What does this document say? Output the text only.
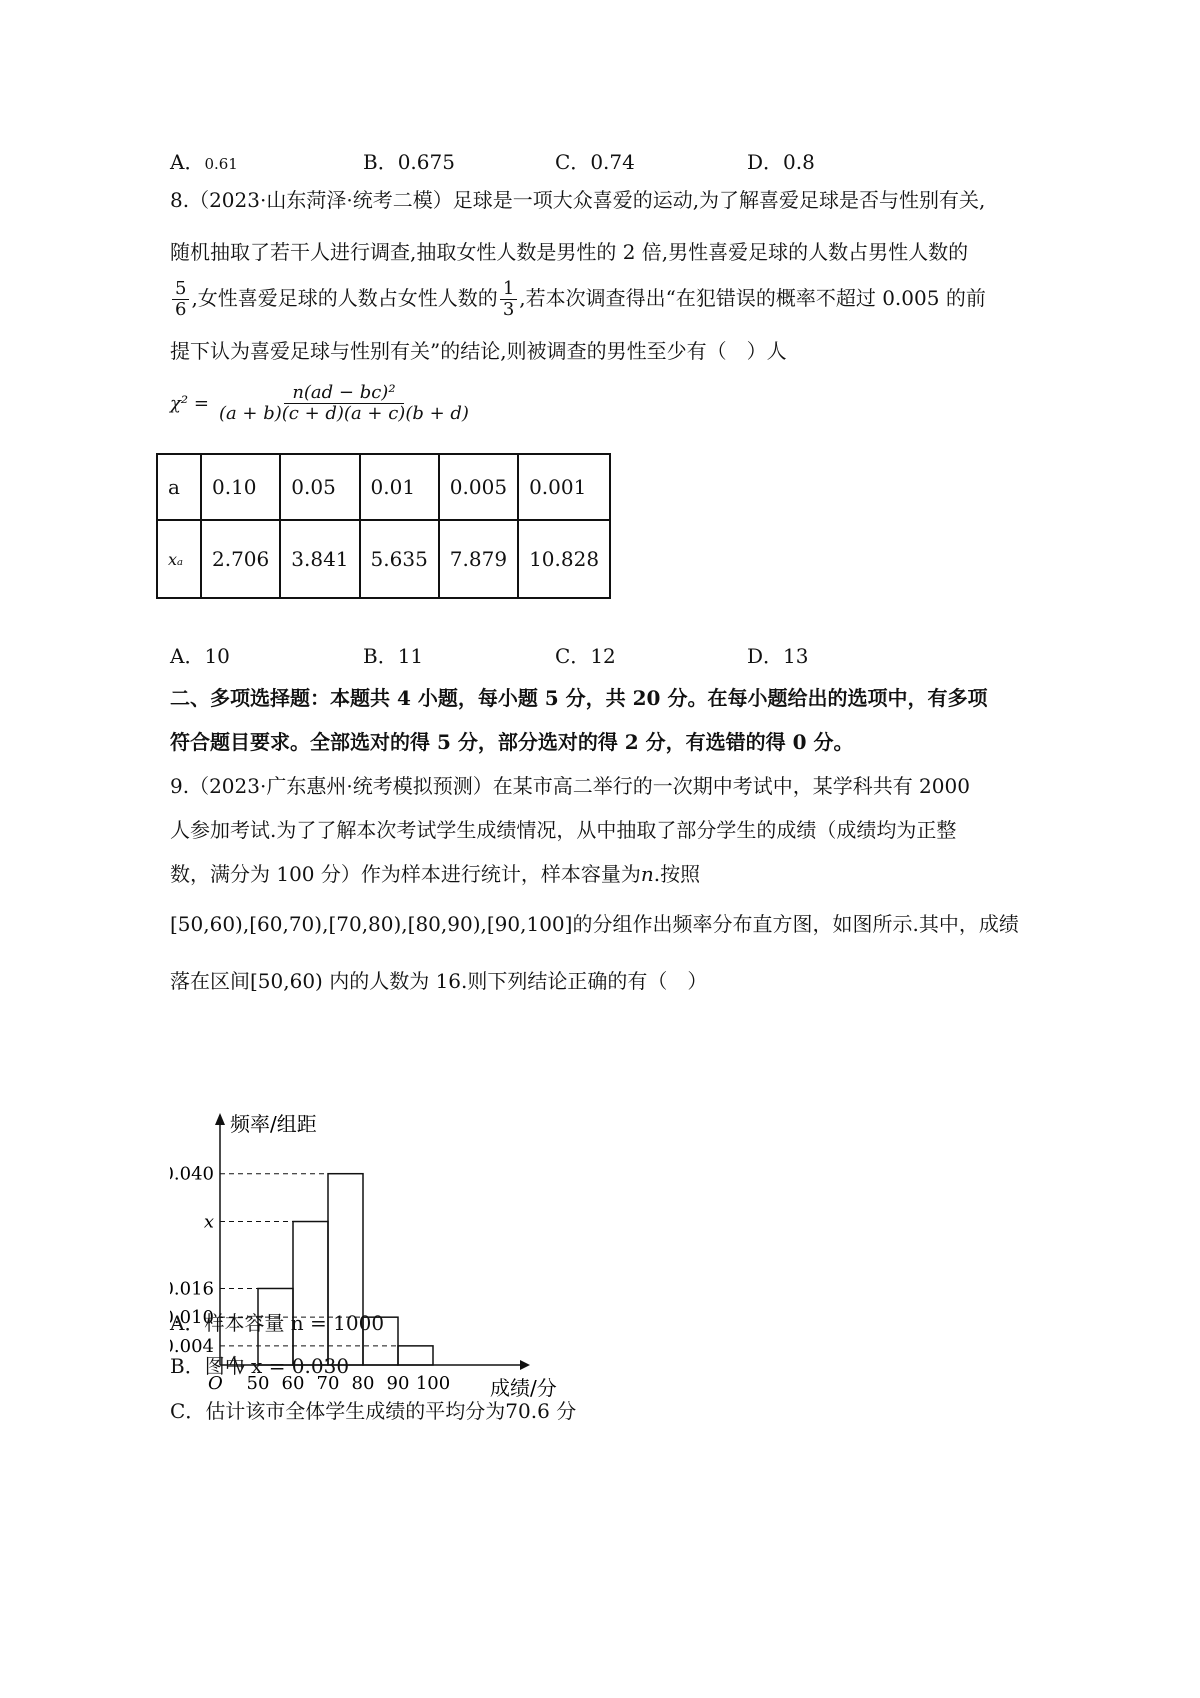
A．0.61	B．0.675	C．0.74	D．0.8
8.（2023·山东菏泽·统考二模）足球是一项大众喜爱的运动,为了解喜爱足球是否与性别有关,
随机抽取了若干人进行调查,抽取女性人数是男性的 2 倍,男性喜爱足球的人数占男性人数的
$\frac{5}{6}$ ,女性喜爱足球的人数占女性人数的 $\frac{1}{3}$ ,若本次调查得出“在犯错误的概率不超过 0.005 的前
提下认为喜爱足球与性别有关”的结论,则被调查的男性至少有（　）人
$\chi^2 = \frac{\text{n(ad − bc)²}}{(a + b)(c + d)(a + c)(b + d)}$
a	0.10	0.05	0.01	0.005	0.001
xₐ	2.706	3.841	5.635	7.879	10.828
A．10	B．11	C．12	D．13
二、多项选择题：本题共 4 小题，每小题 5 分，共 20 分。在每小题给出的选项中，有多项
符合题目要求。全部选对的得 5 分，部分选对的得 2 分，有选错的得 0 分。
9.（2023·广东惠州·统考模拟预测）在某市高二举行的一次期中考试中，某学科共有 2000
人参加考试.为了了解本次考试学生成绩情况，从中抽取了部分学生的成绩（成绩均为正整
数，满分为 100 分）作为样本进行统计，样本容量为n.按照
[50,60),[60,70),[70,80),[80,90),[90,100]的分组作出频率分布直方图，如图所示.其中，成绩
落在区间[50,60) 内的人数为 16.则下列结论正确的有（　）
.040
x
.016
.010
.004
50 60 70 80 90 100
O
频率/组距
成绩/分
A．样本容量 n = 1000
B．图中 x = 0.030
C．估计该市全体学生成绩的平均分为70.6 分
